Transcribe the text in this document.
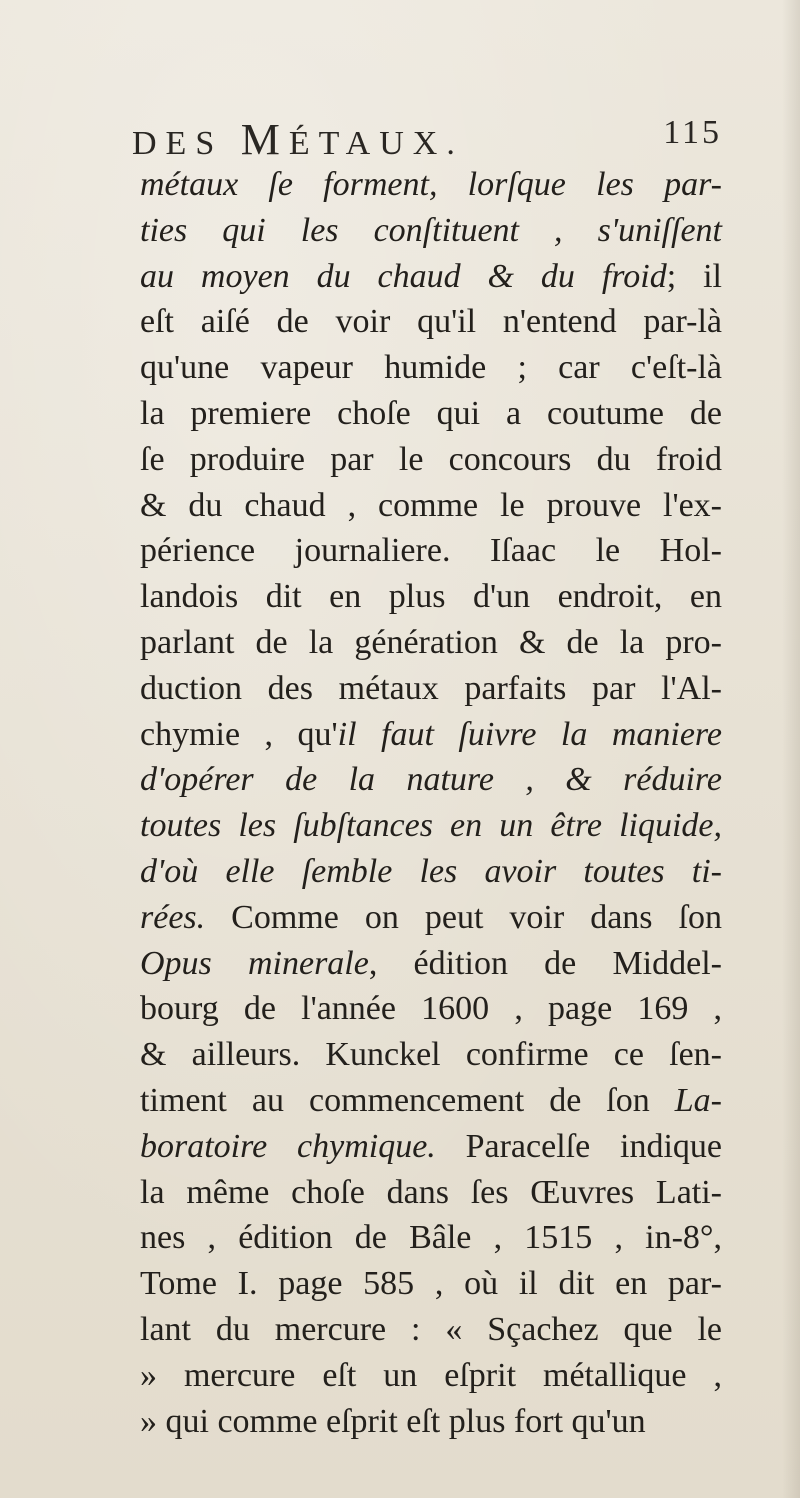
DES MÉTAUX.	115
métaux ſe forment, lorſque les par-
ties qui les conſtituent , s'uniſſent
au moyen du chaud & du froid; il
eſt aiſé de voir qu'il n'entend par-là
qu'une vapeur humide ; car c'eſt-là
la premiere choſe qui a coutume de
ſe produire par le concours du froid
& du chaud , comme le prouve l'ex-
périence journaliere. Iſaac le Hol-
landois dit en plus d'un endroit, en
parlant de la génération & de la pro-
duction des métaux parfaits par l'Al-
chymie , qu'il faut ſuivre la maniere
d'opérer de la nature , & réduire
toutes les ſubſtances en un être liquide,
d'où elle ſemble les avoir toutes ti-
rées. Comme on peut voir dans ſon
Opus minerale, édition de Middel-
bourg de l'année 1600 , page 169 ,
& ailleurs. Kunckel confirme ce ſen-
timent au commencement de ſon La-
boratoire chymique. Paracelſe indique
la même choſe dans ſes Œuvres Lati-
nes , édition de Bâle , 1515 , in-8°,
Tome I. page 585 , où il dit en par-
lant du mercure : « Sçachez que le
» mercure eſt un eſprit métallique ,
» qui comme eſprit eſt plus fort qu'un
